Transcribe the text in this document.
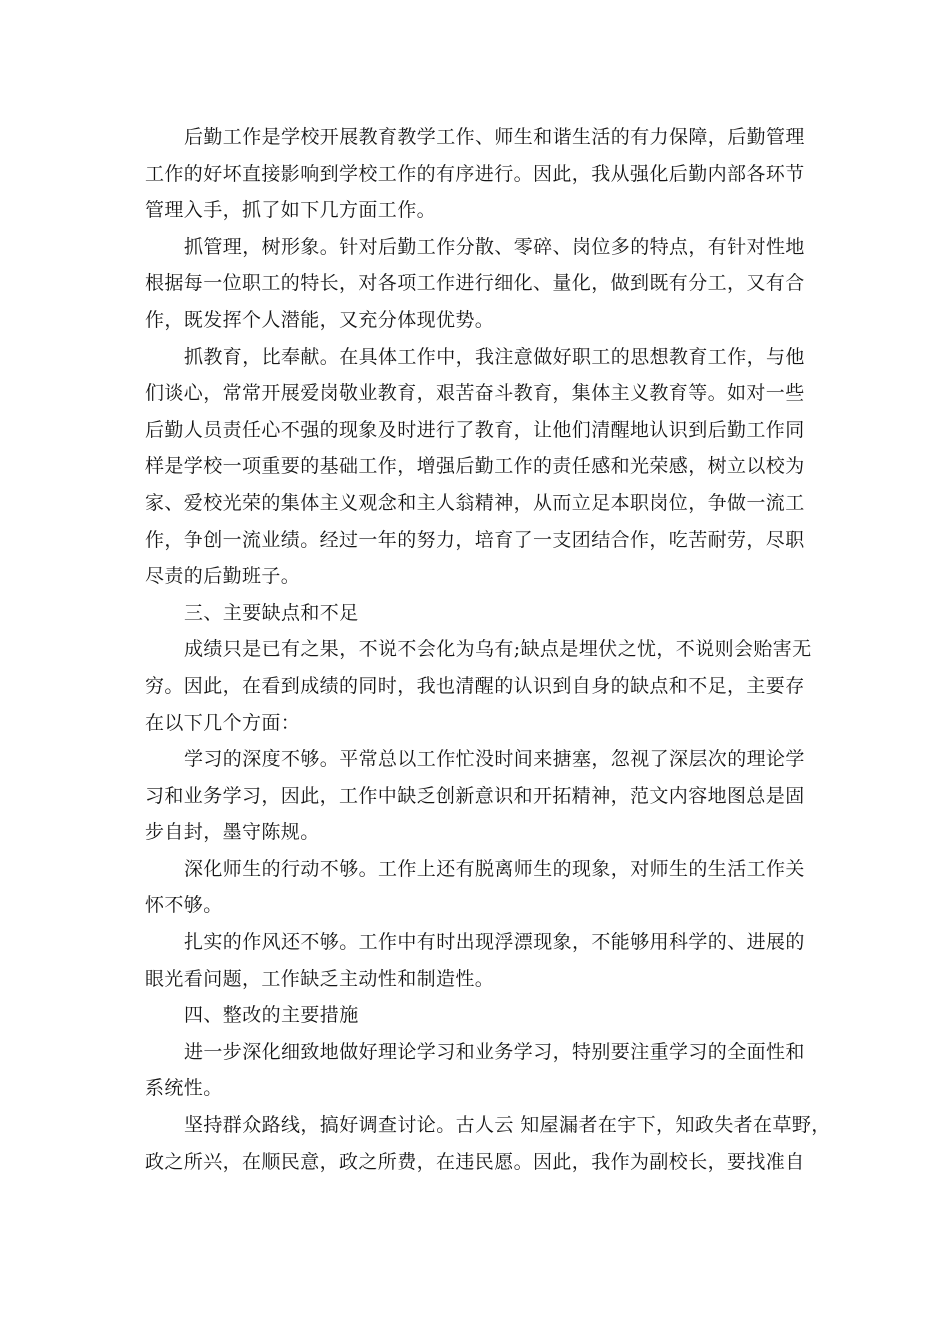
后勤工作是学校开展教育教学工作、师生和谐生活的有力保障，后勤管理
工作的好坏直接影响到学校工作的有序进行。因此，我从强化后勤内部各环节
管理入手，抓了如下几方面工作。
抓管理，树形象。针对后勤工作分散、零碎、岗位多的特点，有针对性地
根据每一位职工的特长，对各项工作进行细化、量化，做到既有分工，又有合
作，既发挥个人潜能，又充分体现优势。
抓教育，比奉献。在具体工作中，我注意做好职工的思想教育工作，与他
们谈心，常常开展爱岗敬业教育，艰苦奋斗教育，集体主义教育等。如对一些
后勤人员责任心不强的现象及时进行了教育，让他们清醒地认识到后勤工作同
样是学校一项重要的基础工作，增强后勤工作的责任感和光荣感，树立以校为
家、爱校光荣的集体主义观念和主人翁精神，从而立足本职岗位，争做一流工
作，争创一流业绩。经过一年的努力，培育了一支团结合作，吃苦耐劳，尽职
尽责的后勤班子。
三、主要缺点和不足
成绩只是已有之果，不说不会化为乌有;缺点是埋伏之忧，不说则会贻害无
穷。因此，在看到成绩的同时，我也清醒的认识到自身的缺点和不足，主要存
在以下几个方面：
学习的深度不够。平常总以工作忙没时间来搪塞，忽视了深层次的理论学
习和业务学习，因此，工作中缺乏创新意识和开拓精神，范文内容地图总是固
步自封，墨守陈规。
深化师生的行动不够。工作上还有脱离师生的现象，对师生的生活工作关
怀不够。
扎实的作风还不够。工作中有时出现浮漂现象，不能够用科学的、进展的
眼光看问题，工作缺乏主动性和制造性。
四、整改的主要措施
进一步深化细致地做好理论学习和业务学习，特别要注重学习的全面性和
系统性。
坚持群众路线，搞好调查讨论。古人云 知屋漏者在宇下，知政失者在草野，
政之所兴，在顺民意，政之所费，在违民愿。因此，我作为副校长，要找准自
